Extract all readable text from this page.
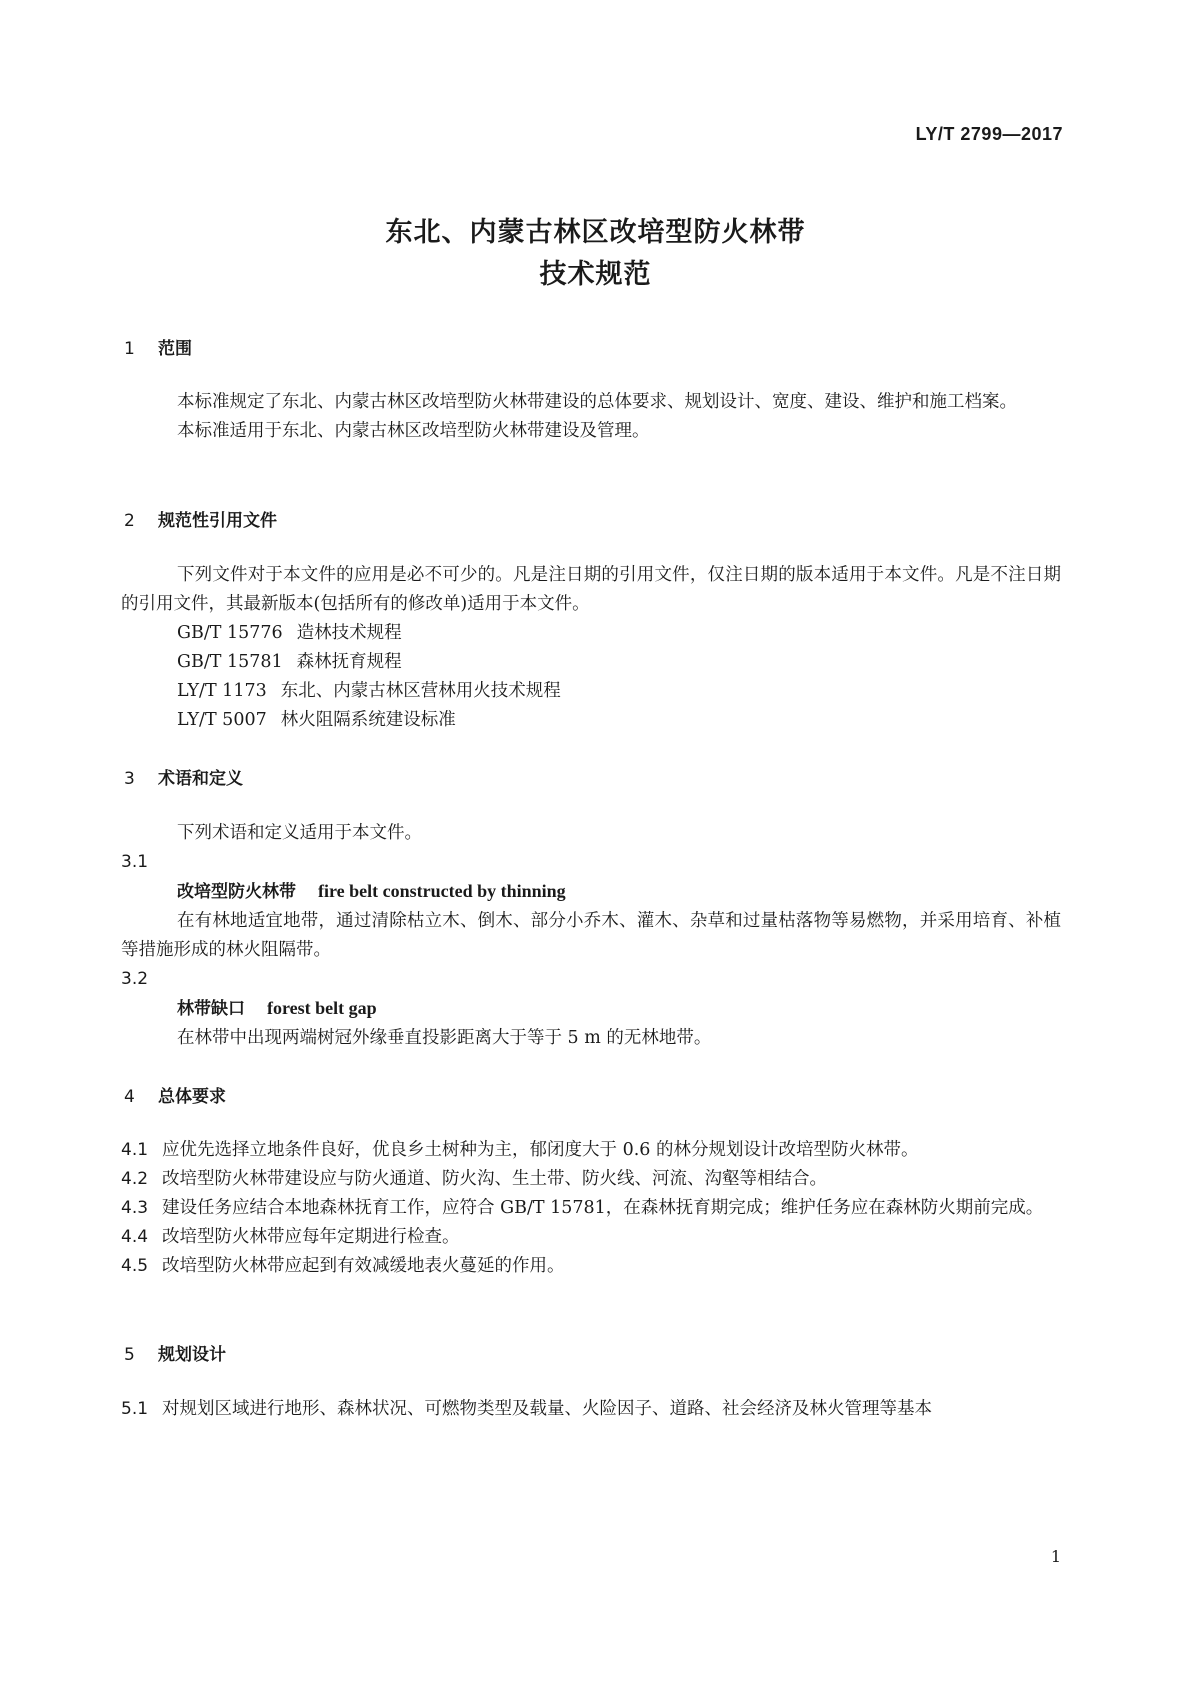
LY/T 2799—2017
东北、内蒙古林区改培型防火林带
技术规范
1 范围

本标准规定了东北、内蒙古林区改培型防火林带建设的总体要求、规划设计、宽度、建设、维护和施工档案。

本标准适用于东北、内蒙古林区改培型防火林带建设及管理。

2 规范性引用文件

下列文件对于本文件的应用是必不可少的。凡是注日期的引用文件，仅注日期的版本适用于本文件。凡是不注日期的引用文件，其最新版本(包括所有的修改单)适用于本文件。

GB/T 15776 造林技术规程

GB/T 15781 森林抚育规程

LY/T 1173 东北、内蒙古林区营林用火技术规程

LY/T 5007 林火阻隔系统建设标准

3 术语和定义

下列术语和定义适用于本文件。

3.1

改培型防火林带 fire belt constructed by thinning

在有林地适宜地带，通过清除枯立木、倒木、部分小乔木、灌木、杂草和过量枯落物等易燃物，并采用培育、补植等措施形成的林火阻隔带。

3.2

林带缺口 forest belt gap

在林带中出现两端树冠外缘垂直投影距离大于等于 5 m 的无林地带。

4 总体要求

4.1 应优先选择立地条件良好，优良乡土树种为主，郁闭度大于 0.6 的林分规划设计改培型防火林带。

4.2 改培型防火林带建设应与防火通道、防火沟、生土带、防火线、河流、沟壑等相结合。

4.3 建设任务应结合本地森林抚育工作，应符合 GB/T 15781，在森林抚育期完成；维护任务应在森林防火期前完成。

4.4 改培型防火林带应每年定期进行检查。

4.5 改培型防火林带应起到有效减缓地表火蔓延的作用。

5 规划设计

5.1 对规划区域进行地形、森林状况、可燃物类型及载量、火险因子、道路、社会经济及林火管理等基本

1
